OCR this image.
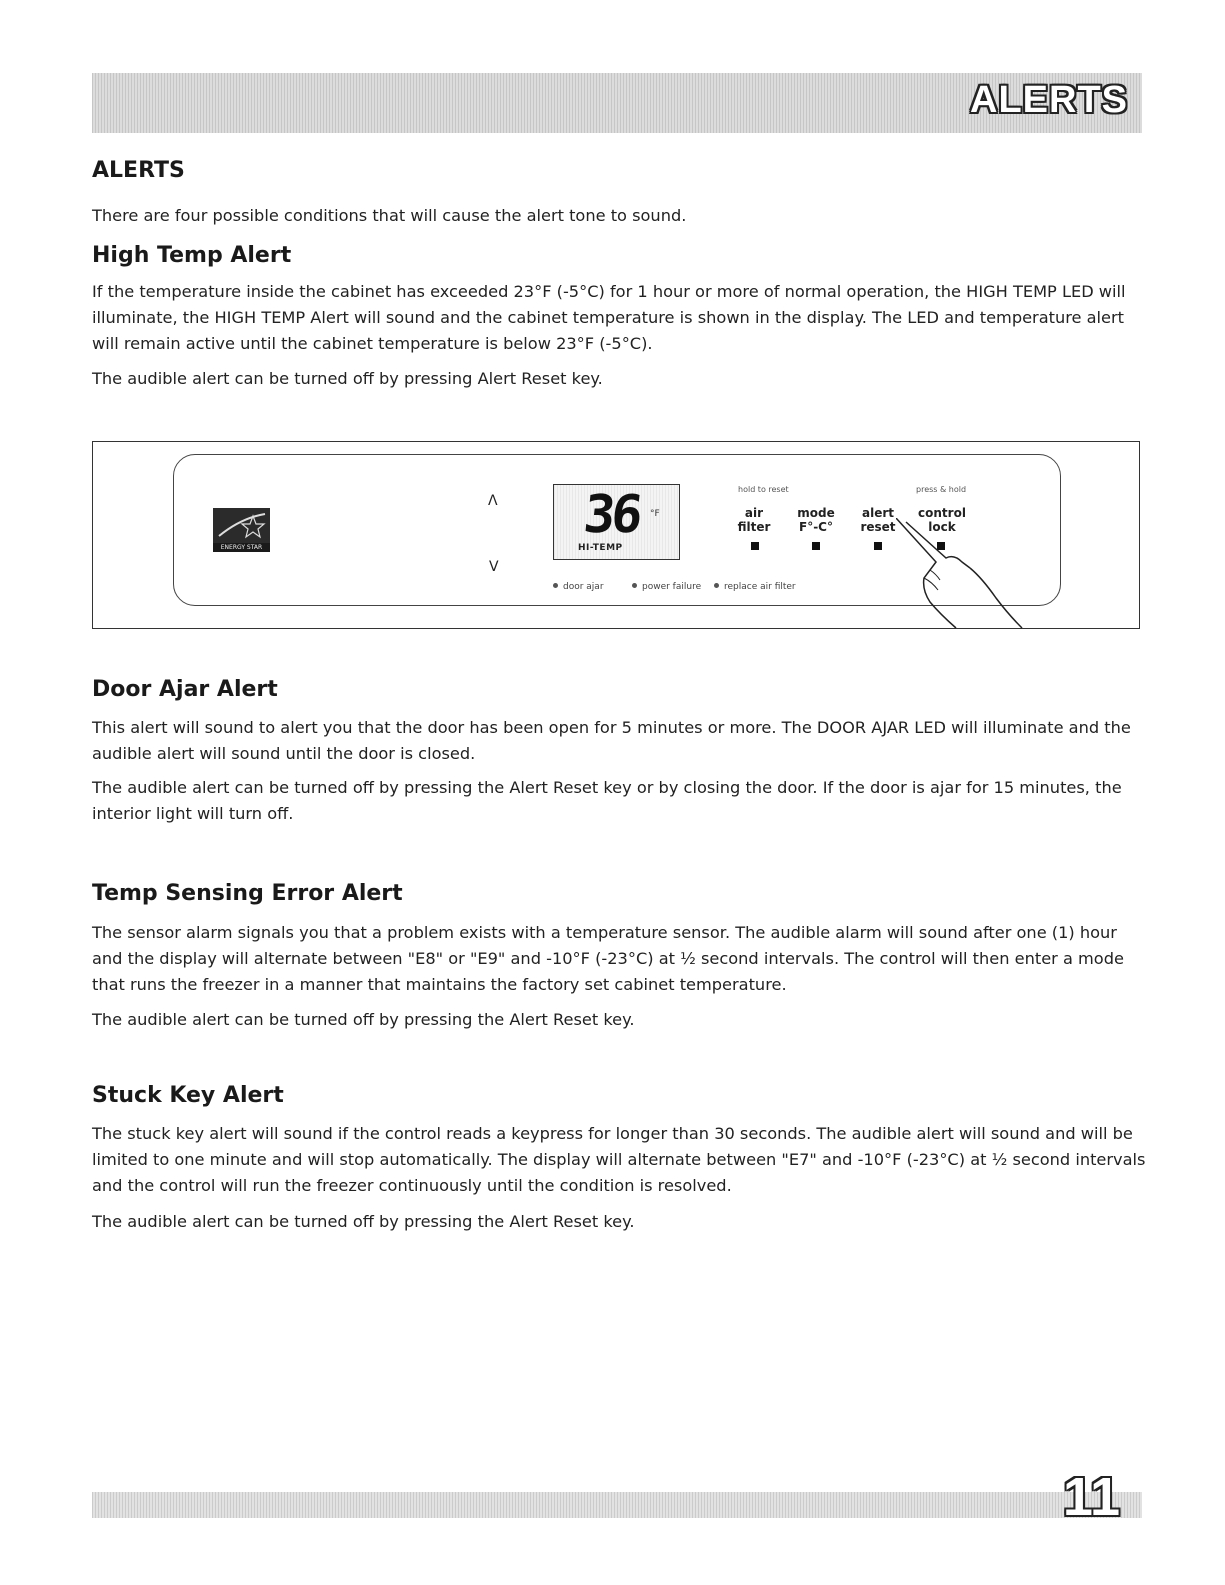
ALERTS
ALERTS

There are four possible conditions that will cause the alert tone to sound.

High Temp Alert

If the temperature inside the cabinet has exceeded 23°F (-5°C) for 1 hour or more of normal operation, the HIGH TEMP LED will illuminate, the HIGH TEMP Alert will sound and the cabinet temperature is shown in the display. The LED and temperature alert will remain active until the cabinet temperature is below 23°F (-5°C).

The audible alert can be turned off by pressing Alert Reset key.

ENERGY STAR
Λ
V
36 °F
HI-TEMP
hold to reset	press & hold
air
filter
mode
F°-C°
alert
reset
control
lock
door ajar	power failure	replace air filter
Door Ajar Alert

This alert will sound to alert you that the door has been open for 5 minutes or more. The DOOR AJAR LED will illuminate and the audible alert will sound until the door is closed.

The audible alert can be turned off by pressing the Alert Reset key or by closing the door. If the door is ajar for 15 minutes, the interior light will turn off.

Temp Sensing Error Alert

The sensor alarm signals you that a problem exists with a temperature sensor. The audible alarm will sound after one (1) hour and the display will alternate between "E8" or "E9" and -10°F (-23°C) at ½ second intervals. The control will then enter a mode that runs the freezer in a manner that maintains the factory set cabinet temperature.

The audible alert can be turned off by pressing the Alert Reset key.

Stuck Key Alert

The stuck key alert will sound if the control reads a keypress for longer than 30 seconds. The audible alert will sound and will be limited to one minute and will stop automatically. The display will alternate between "E7" and -10°F (-23°C) at ½ second intervals and the control will run the freezer continuously until the condition is resolved.

The audible alert can be turned off by pressing the Alert Reset key.

11
